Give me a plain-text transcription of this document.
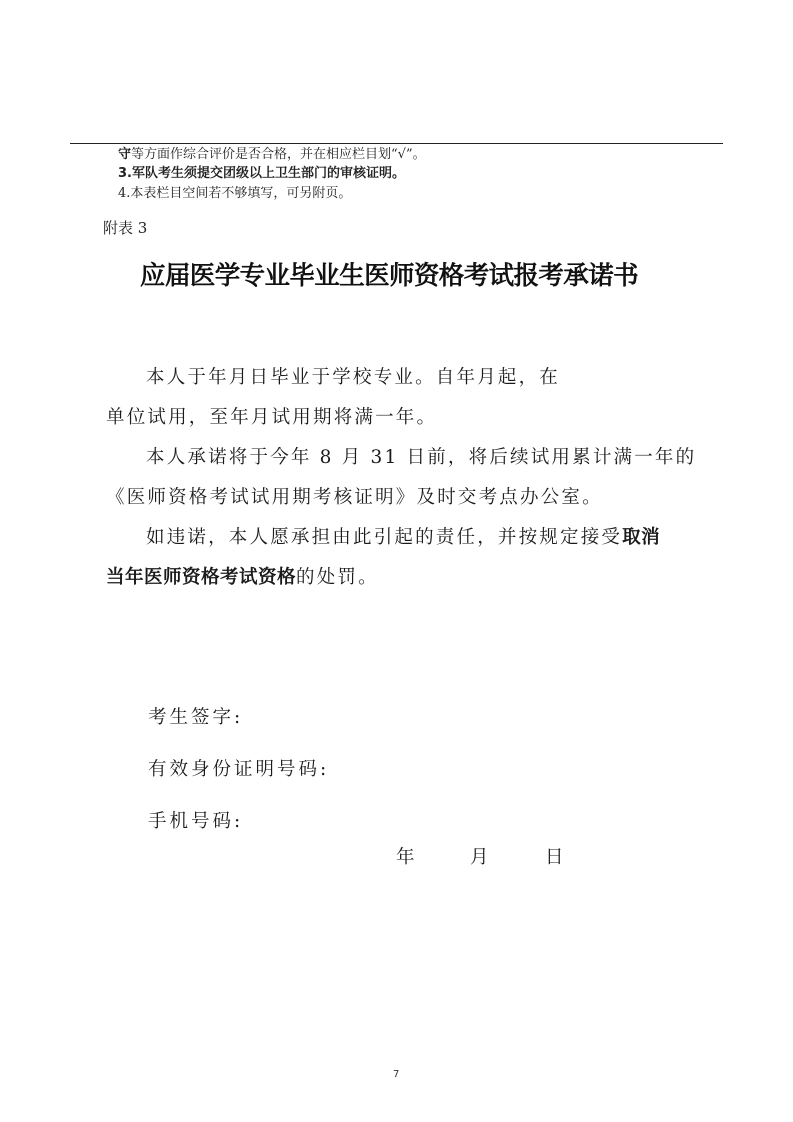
守等方面作综合评价是否合格，并在相应栏目划“√”。
3.军队考生须提交团级以上卫生部门的审核证明。
4.本表栏目空间若不够填写，可另附页。
附表 3
应届医学专业毕业生医师资格考试报考承诺书
本人于年月日毕业于学校专业。自年月起，在
单位试用，至年月试用期将满一年。
本人承诺将于今年 8 月 31 日前，将后续试用累计满一年的
《医师资格考试试用期考核证明》及时交考点办公室。
如违诺，本人愿承担由此引起的责任，并按规定接受取消
当年医师资格考试资格的处罚。
考生签字:
有效身份证明号码:
手机号码:
年	月	日
7
